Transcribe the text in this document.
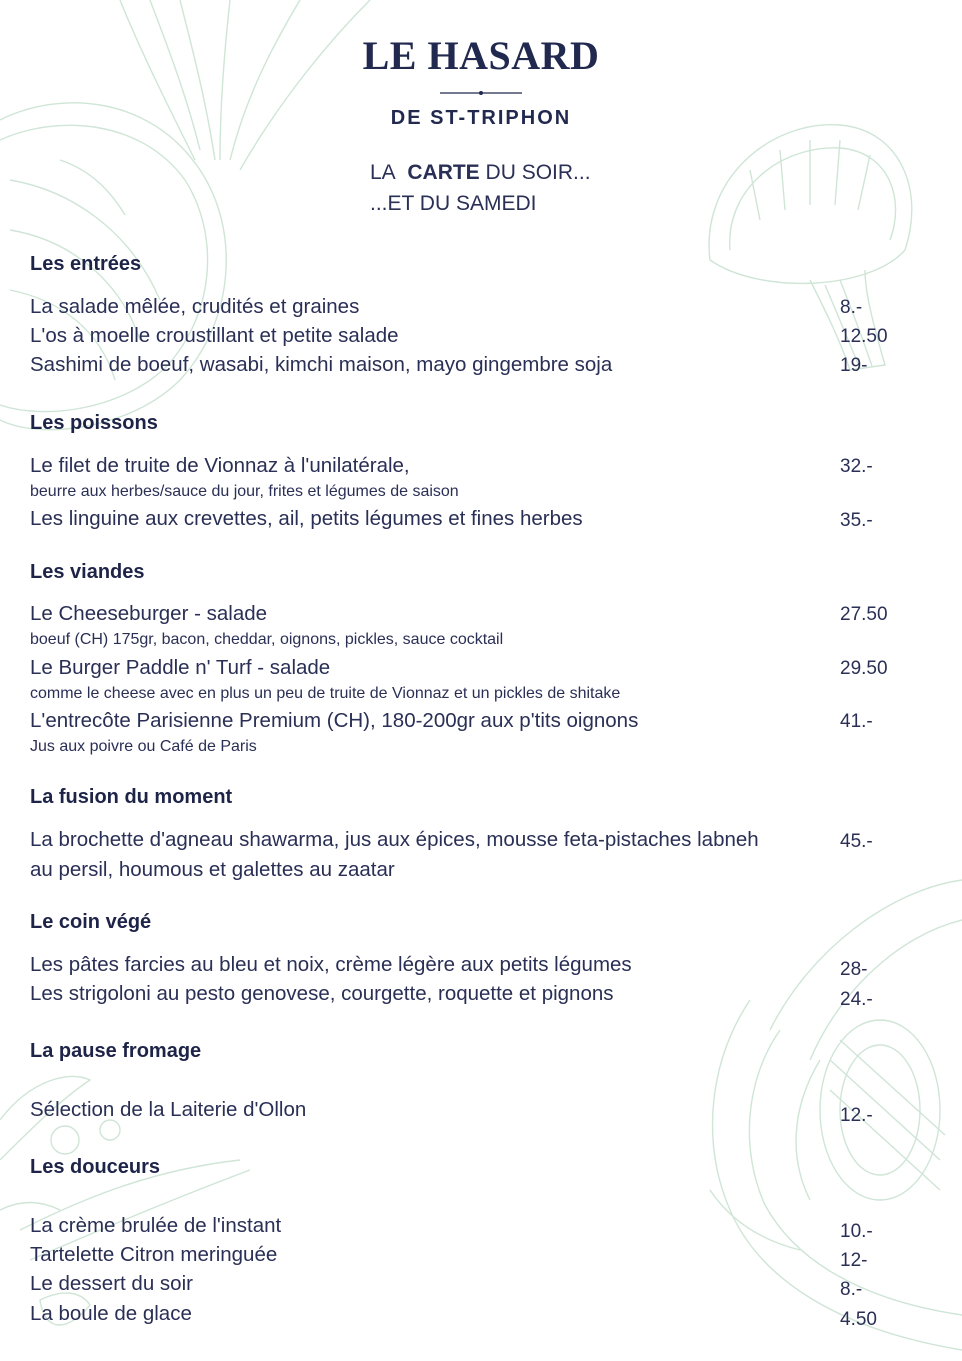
LE HASARD
DE ST-TRIPHON
LA CARTE DU SOIR...
...ET DU SAMEDI
Les entrées
La salade mêlée, crudités et graines	8.-
L'os à moelle croustillant et petite salade	12.50
Sashimi de boeuf, wasabi, kimchi maison, mayo gingembre soja	19-
Les poissons
Le filet de truite de Vionnaz à l'unilatérale,	32.-
beurre aux herbes/sauce du jour, frites et légumes de saison
Les linguine aux crevettes, ail, petits légumes et fines herbes	35.-
Les viandes
Le Cheeseburger - salade	27.50
boeuf (CH) 175gr, bacon, cheddar, oignons, pickles, sauce cocktail
Le Burger Paddle n' Turf - salade	29.50
comme le cheese avec en plus un peu de truite de Vionnaz et un pickles de shitake
L'entrecôte Parisienne Premium (CH), 180-200gr aux p'tits oignons	41.-
Jus aux poivre ou Café de Paris
La fusion du moment
La brochette d'agneau shawarma, jus aux épices, mousse feta-pistaches labneh	45.-
au persil, houmous et galettes au zaatar
Le coin végé
Les pâtes farcies au bleu et noix, crème légère aux petits légumes	28-
Les strigoloni au pesto genovese, courgette, roquette et pignons	24.-
La pause fromage
Sélection de la Laiterie d'Ollon	12.-
Les douceurs
La crème brulée de l'instant	10.-
Tartelette Citron meringuée	12-
Le dessert du soir	8.-
La boule de glace	4.50
